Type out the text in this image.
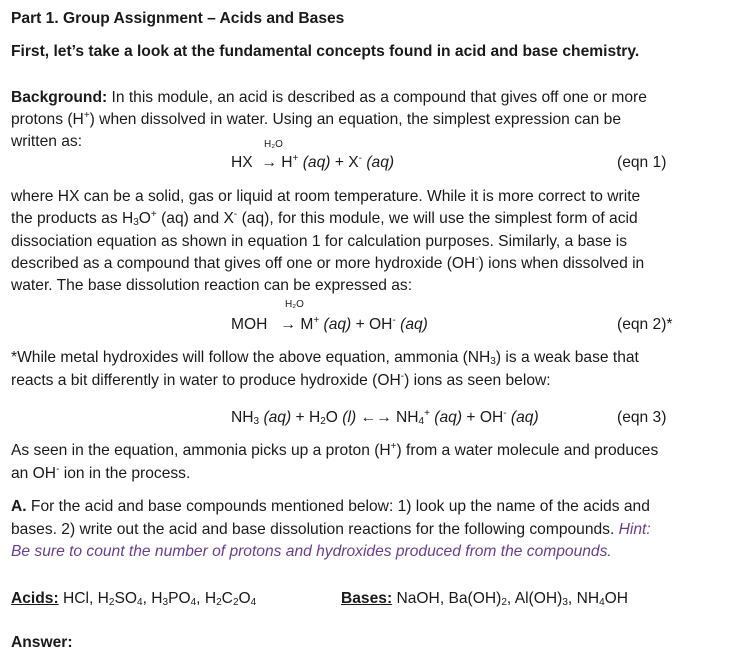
Part 1. Group Assignment – Acids and Bases
First, let’s take a look at the fundamental concepts found in acid and base chemistry.
Background: In this module, an acid is described as a compound that gives off one or more
protons (H+) when dissolved in water. Using an equation, the simplest expression can be
written as:	H₂O
HX → H+ (aq) + X- (aq)	(eqn 1)
where HX can be a solid, gas or liquid at room temperature. While it is more correct to write
the products as $H_3O^+$ (aq) and X- (aq), for this module, we will use the simplest form of acid
dissociation equation as shown in equation 1 for calculation purposes. Similarly, a base is
described as a compound that gives off one or more hydroxide (OH-) ions when dissolved in
water. The base dissolution reaction can be expressed as:
H₂O
MOH → M+ (aq) + OH- (aq)	(eqn 2)*
*While metal hydroxides will follow the above equation, ammonia $(NH_3)$ is a weak base that
reacts a bit differently in water to produce hydroxide (OH-) ions as seen below:
$NH_3$ $(aq) + H_2O$ (l) ←→ $NH_4^+$ (aq) + OH- (aq)	(eqn 3)
As seen in the equation, ammonia picks up a proton (H+) from a water molecule and produces
an OH- ion in the process.
A. For the acid and base compounds mentioned below: 1) look up the name of the acids and
bases. 2) write out the acid and base dissolution reactions for the following compounds. Hint:
Be sure to count the number of protons and hydroxides produced from the compounds.
Acids: HCl, $H_2SO_4$, $H_3PO_4$, $H_2C_2O_4$	Bases: NaOH, $Ba(OH)_2$, $Al(OH)_3$, $NH_4OH$
Answer:
